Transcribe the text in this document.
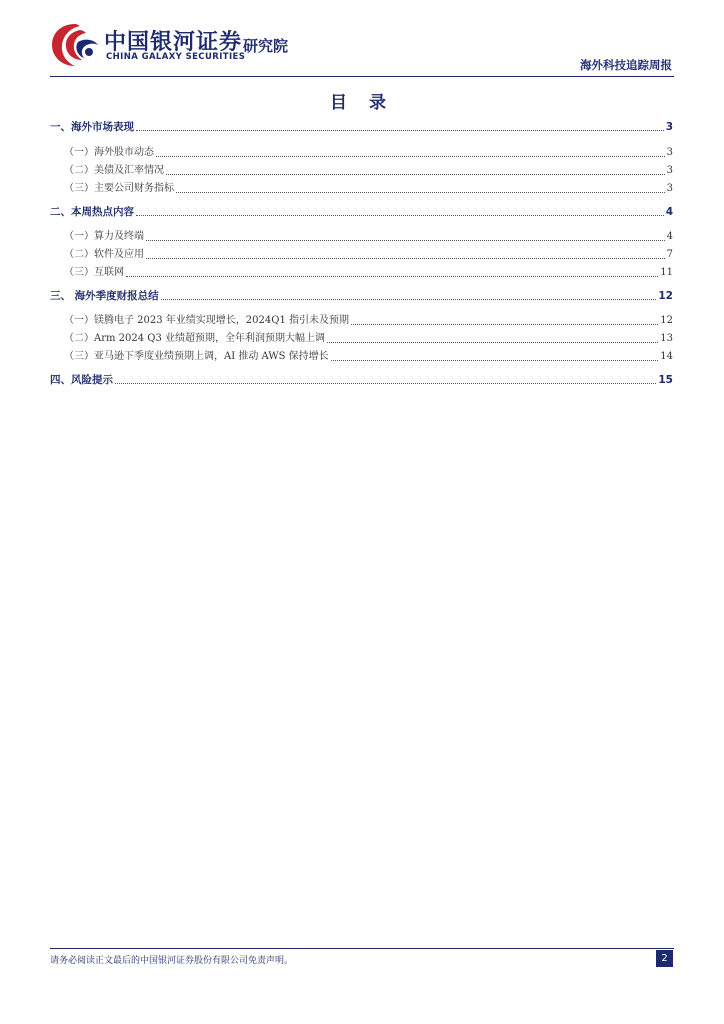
中国银河证券
CHINA GALAXY SECURITIES
研究院
海外科技追踪周报
目 录
一、海外市场表现	3
（一）海外股市动态	3
（二）美债及汇率情况	3
（三）主要公司财务指标	3
二、本周热点内容	4
（一）算力及终端	4
（二）软件及应用	7
（三）互联网	11
三、 海外季度财报总结	12
（一）镁腾电子 2023 年业绩实现增长，2024Q1 指引未及预期	12
（二）Arm 2024 Q3 业绩超预期，全年利润预期大幅上调	13
（三）亚马逊下季度业绩预期上调，AI 推动 AWS 保持增长	14
四、风险提示	15
请务必阅读正文最后的中国银河证券股份有限公司免责声明。	2
